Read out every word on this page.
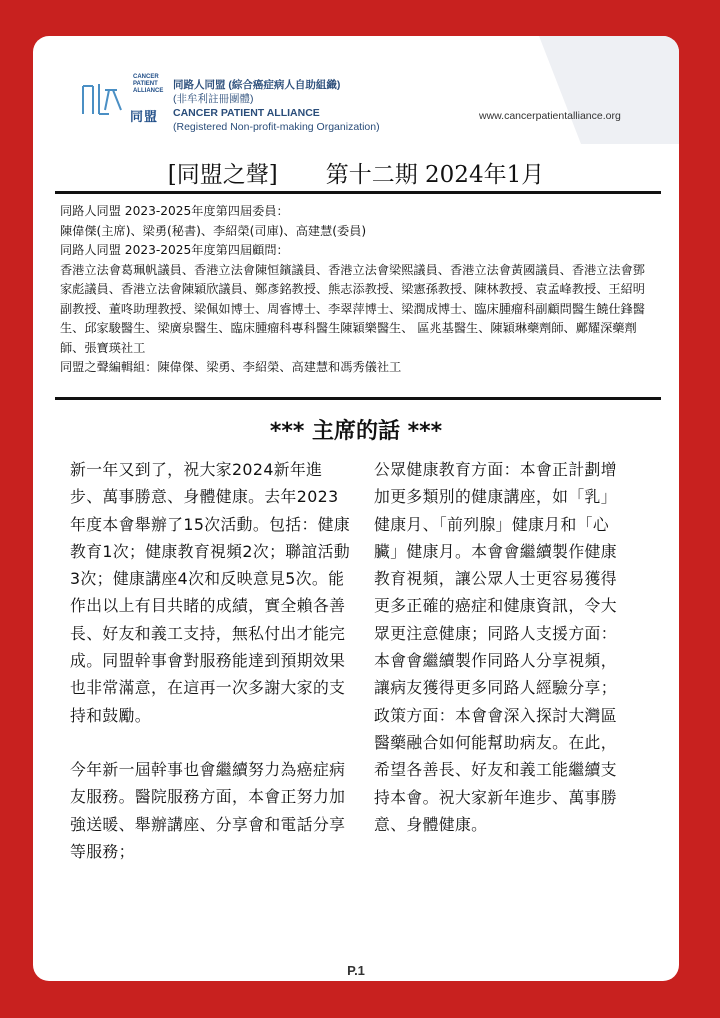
CANCER PATIENT ALLIANCE
同盟
同路人同盟 (綜合癌症病人自助組織)
(非牟利註冊團體)
CANCER PATIENT ALLIANCE
(Registered Non-profit-making Organization)
www.cancerpatientalliance.org
[同盟之聲] 第十二期 2024年1月

同路人同盟 2023-2025年度第四屆委員：

陳偉傑(主席)、梁勇(秘書)、李紹榮(司庫)、高建慧(委員)

同路人同盟 2023-2025年度第四屆顧問：

香港立法會葛珮帆議員、香港立法會陳恒鑌議員、香港立法會梁熙議員、香港立法會黃國議員、香港立法會鄧家彪議員、香港立法會陳穎欣議員、鄭彥銘教授、熊志添教授、梁憲孫教授、陳林教授、袁孟峰教授、王紹明副教授、董咚助理教授、梁佩如博士、周睿博士、李翠萍博士、梁潤成博士、臨床腫瘤科副顧問醫生饒仕鋒醫生、邱家駿醫生、梁廣泉醫生、臨床腫瘤科專科醫生陳穎樂醫生、 區兆基醫生、陳穎琳藥劑師、鄺耀深藥劑師、張寶瑛社工

同盟之聲編輯組：陳偉傑、梁勇、李紹榮、高建慧和馮秀儀社工

*** 主席的話 ***

新一年又到了，祝大家2024新年進步、萬事勝意、身體健康。去年2023年度本會舉辦了15次活動。包括：健康教育1次；健康教育視頻2次；聯誼活動3次；健康講座4次和反映意見5次。能作出以上有目共睹的成績，實全賴各善長、好友和義工支持，無私付出才能完成。同盟幹事會對服務能達到預期效果也非常滿意，在這再一次多謝大家的支持和鼓勵。

今年新一屆幹事也會繼續努力為癌症病友服務。醫院服務方面，本會正努力加強送暖、舉辦講座、分享會和電話分享等服務；

公眾健康教育方面：本會正計劃增加更多類別的健康講座，如「乳」健康月、「前列腺」健康月和「心臟」健康月。本會會繼續製作健康教育視頻，讓公眾人士更容易獲得更多正確的癌症和健康資訊，令大眾更注意健康；同路人支援方面：本會會繼續製作同路人分享視頻，讓病友獲得更多同路人經驗分享；政策方面：本會會深入探討大灣區醫藥融合如何能幫助病友。在此，希望各善長、好友和義工能繼續支持本會。祝大家新年進步、萬事勝意、身體健康。

P.1
